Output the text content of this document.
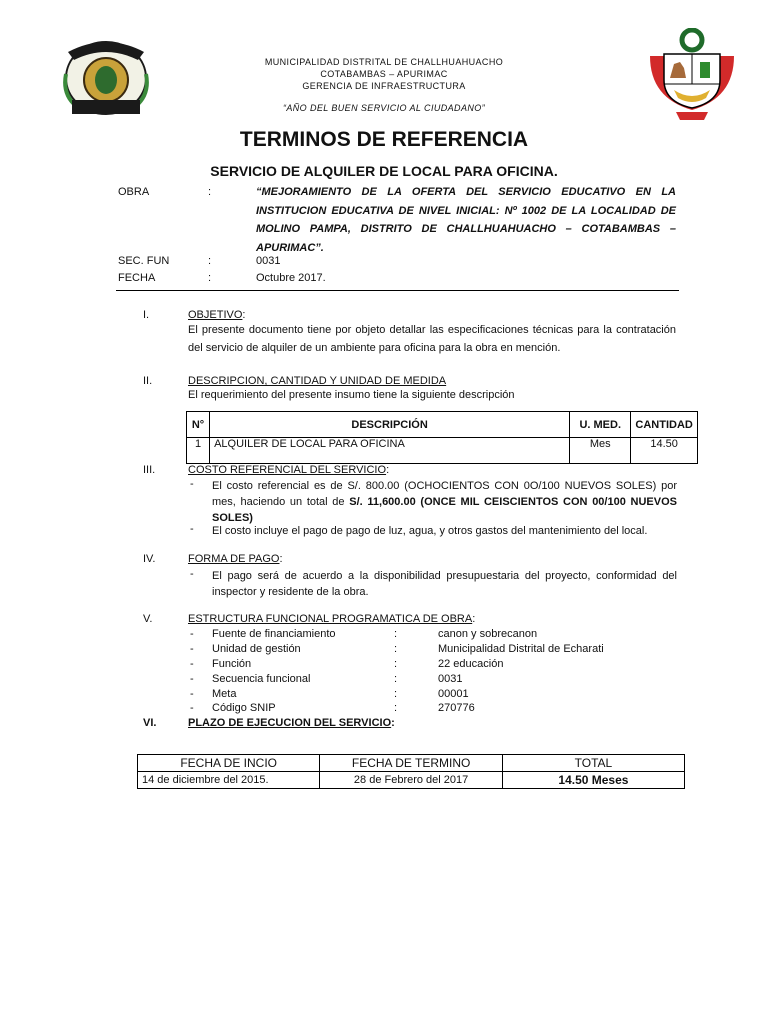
MUNICIPALIDAD DISTRITAL DE CHALLHUAHUACHO
COTABAMBAS – APURIMAC
GERENCIA DE INFRAESTRUCTURA
“AÑO DEL BUEN SERVICIO AL CIUDADANO”
TERMINOS DE REFERENCIA
SERVICIO DE ALQUILER DE LOCAL PARA OFICINA.
OBRA	:	“MEJORAMIENTO DE LA OFERTA DEL SERVICIO EDUCATIVO EN LA INSTITUCION EDUCATIVA DE NIVEL INICIAL: Nº 1002 DE LA LOCALIDAD DE MOLINO PAMPA, DISTRITO DE CHALLHUAHUACHO – COTABAMBAS – APURIMAC”.
SEC. FUN	:	0031
FECHA	:	Octubre 2017.
I.	OBJETIVO:
El presente documento tiene por objeto detallar las especificaciones técnicas para la contratación del servicio de alquiler de un ambiente para oficina para la obra en mención.
II.	DESCRIPCION, CANTIDAD Y UNIDAD DE MEDIDA
El requerimiento del presente insumo tiene la siguiente descripción
N°	DESCRIPCIÓN	U. MED.	CANTIDAD
1	ALQUILER DE LOCAL PARA OFICINA	Mes	14.50
III.	COSTO REFERENCIAL DEL SERVICIO:
- El costo referencial es de S/. 800.00 (OCHOCIENTOS CON 0O/100 NUEVOS SOLES) por mes, haciendo un total de S/. 11,600.00 (ONCE MIL CEISCIENTOS CON 00/100 NUEVOS SOLES)
- El costo incluye el pago de pago de luz, agua, y otros gastos del mantenimiento del local.
IV.	FORMA DE PAGO:
- El pago será de acuerdo a la disponibilidad presupuestaria del proyecto, conformidad del inspector y residente de la obra.
V.	ESTRUCTURA FUNCIONAL PROGRAMATICA DE OBRA:
- Fuente de financiamiento	:	canon y sobrecanon
- Unidad de gestión	:	Municipalidad Distrital de Echarati
- Función	:	22 educación
- Secuencia funcional	:	0031
- Meta	:	00001
- Código SNIP	:	270776
VI.	PLAZO DE EJECUCION DEL SERVICIO:
FECHA DE INCIO	FECHA DE TERMINO	TOTAL
14 de diciembre del 2015.	28 de Febrero del 2017	14.50 Meses
